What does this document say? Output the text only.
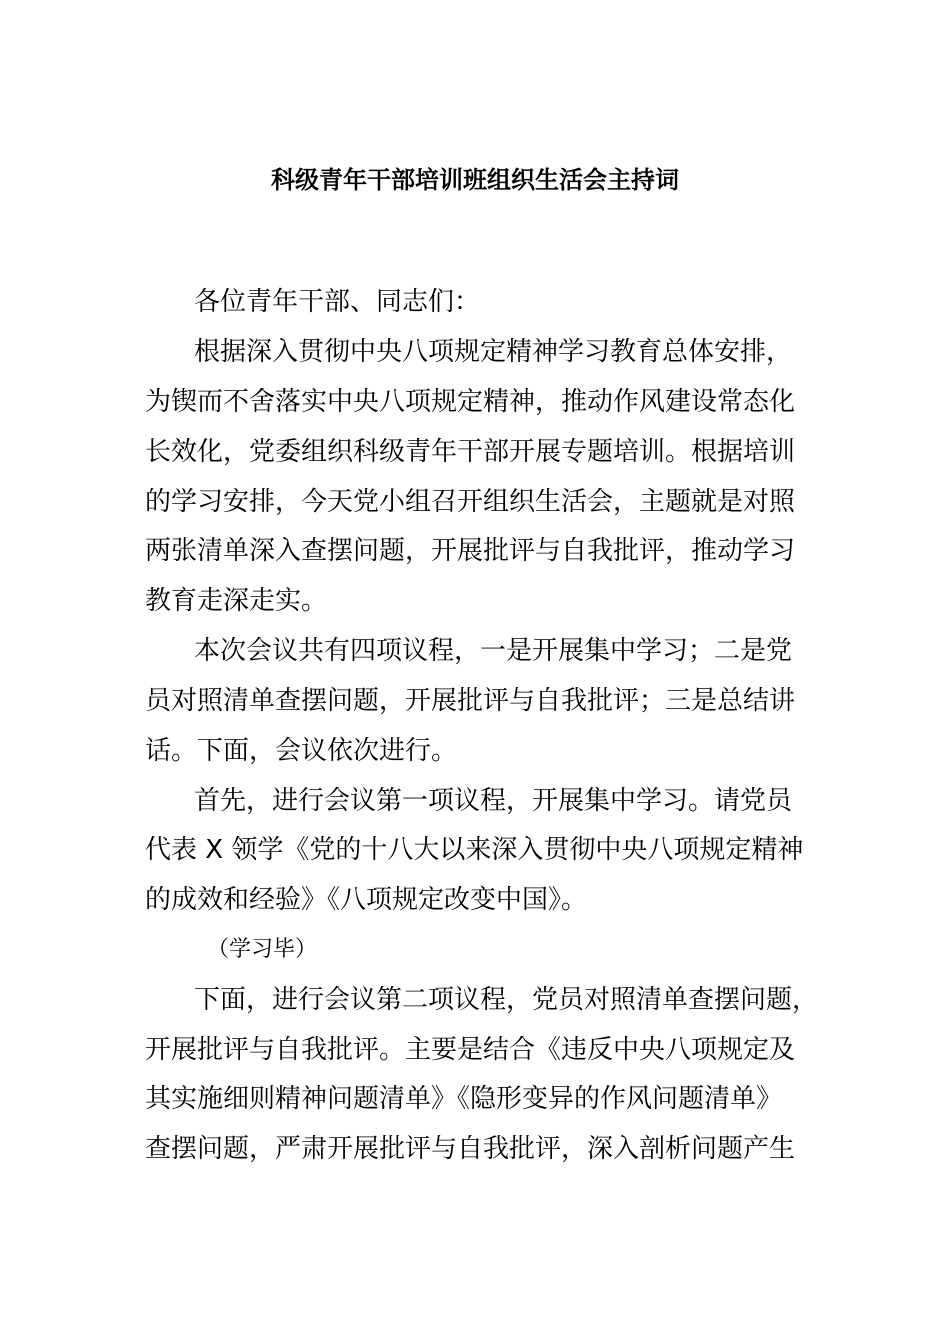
科级青年干部培训班组织生活会主持词
各位青年干部、同志们：
根据深入贯彻中央八项规定精神学习教育总体安排，
为锲而不舍落实中央八项规定精神，推动作风建设常态化
长效化，党委组织科级青年干部开展专题培训。根据培训
的学习安排，今天党小组召开组织生活会，主题就是对照
两张清单深入查摆问题，开展批评与自我批评，推动学习
教育走深走实。
本次会议共有四项议程，一是开展集中学习；二是党
员对照清单查摆问题，开展批评与自我批评；三是总结讲
话。下面，会议依次进行。
首先，进行会议第一项议程，开展集中学习。请党员
代表 X 领学《党的十八大以来深入贯彻中央八项规定精神
的成效和经验》《八项规定改变中国》。
（学习毕）
下面，进行会议第二项议程，党员对照清单查摆问题，
开展批评与自我批评。主要是结合《违反中央八项规定及
其实施细则精神问题清单》《隐形变异的作风问题清单》
查摆问题，严肃开展批评与自我批评，深入剖析问题产生
